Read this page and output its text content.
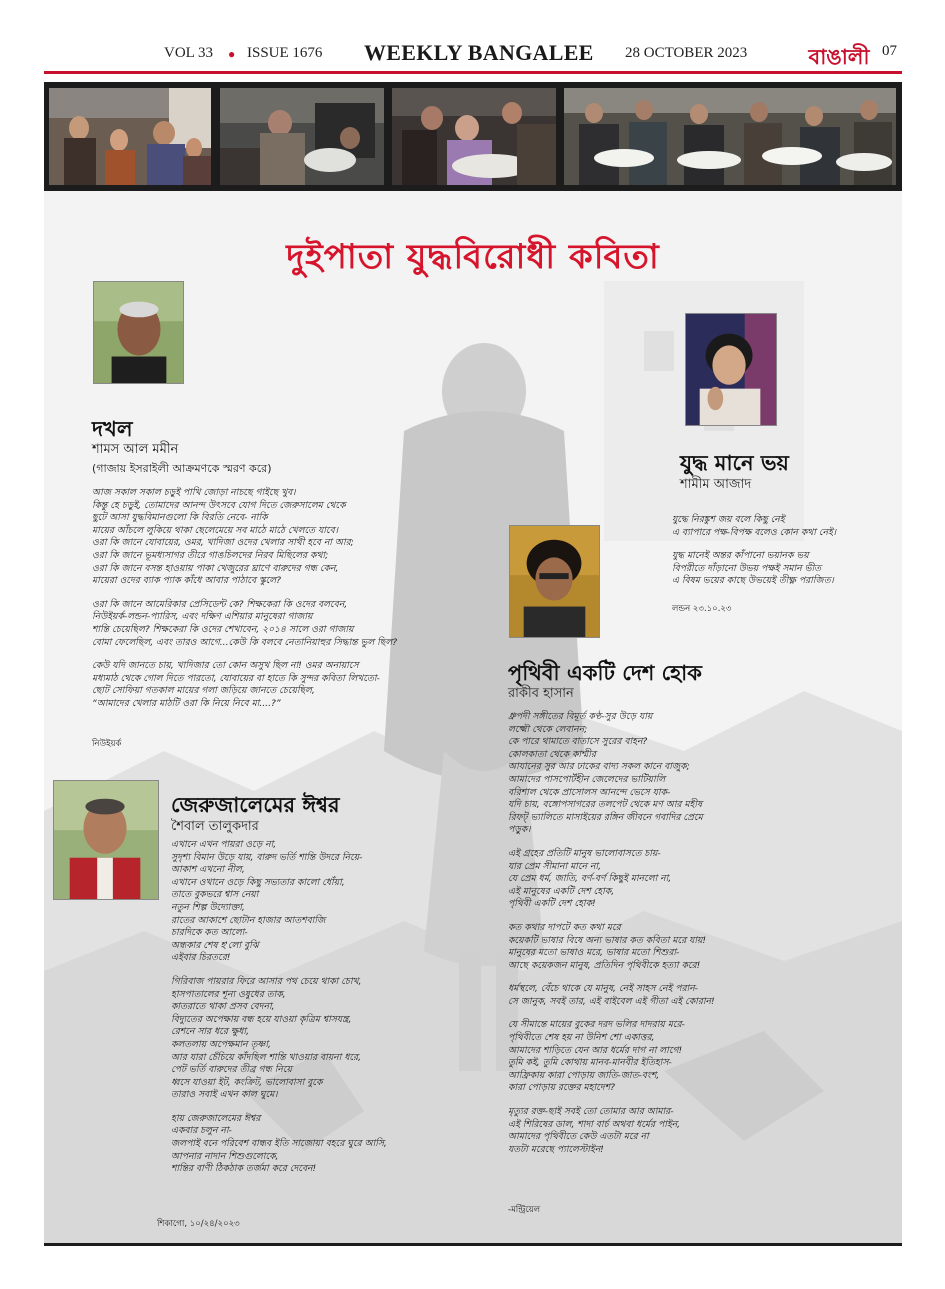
VOL 33 ● ISSUE 1676 WEEKLY BANGALEE 28 OCTOBER 2023	বাঙালী 07
দুইপাতা যুদ্ধবিরোধী কবিতা
দখল
শামস আল মমীন
(গাজায় ইসরাইলী আক্রমণকে স্মরণ করে)
আজ সকাল সকাল চড়ুই পাখি জোড়া নাচছে গাইছে খুব।
কিন্তু হে চড়ুই, তোমাদের আনন্দ উৎসবে যোগ দিতে জেরুসালেম থেকে
ছুটে আসা যুদ্ধবিমানগুলো কি বিরতি নেবে- নাকি
মায়ের আঁচলে লুকিয়ে থাকা ছেলেমেয়ে সব মাঠে মাঠে খেলতে যাবে।
ওরা কি জানে যোবায়ের, ওমর, খাদিজা ওদের খেলার সাথী হবে না আর;
ওরা কি জানে ভূমধ্যসাগর তীরে গাঙচিলদের নিরব মিছিলের কথা;
ওরা কি জানে বসন্ত হাওয়ায় পাকা খেজুরের ঘ্রাণে বারুদের গন্ধ কেন,
মায়েরা ওদের ব্যাক প্যাক কাঁধে আবার পাঠাবে স্কুলে?
ওরা কি জানে আমেরিকার প্রেসিডেন্ট কে? শিক্ষকেরা কি ওদের বলবেন,
নিউইয়র্ক-লন্ডন-প্যারিস, এবং দক্ষিণ এশিয়ার মানুষেরা গাজায়
শান্তি চেয়েছিল? শিক্ষকেরা কি ওদের শেখাবেন, ২০১৪ সালে ওরা গাজায়
বোমা ফেলেছিল, এবং তারও আগে...কেউ কি বলবে নেতানিয়াহুর সিদ্ধান্ত ভুল ছিল?
কেউ যদি জানতে চায়, খাদিজার তো কোন অসুখ ছিল না! ওমর অনায়াসে
মধ্যমাঠ থেকে গোল দিতে পারতো, যোবায়ের বা হাতে কি সুন্দর কবিতা লিখতো-
ছোট সোফিয়া গতকাল মায়ের গলা জড়িয়ে জানতে চেয়েছিল,
“আমাদের খেলার মাঠটি ওরা কি নিয়ে নিবে মা....?”
নিউইয়র্ক
যুদ্ধ মানে ভয়
শামীম আজাদ
যুদ্ধে নিরঙ্কুশ জয় বলে কিছু নেই
এ ব্যাপারে পক্ষ-বিপক্ষ বলেও কোন কথা নেই।
যুদ্ধ মানেই অন্তর কাঁপানো ভয়ানক ভয়
বিপরীতে দাঁড়ানো উভয় পক্ষই সমান ভীত
এ বিষম ভয়ের কাছে উভয়েই তীক্ষ্ণ পরাজিত।
লন্ডন ২৩.১০.২৩
পৃথিবী একটি দেশ হোক
রাকীব হাসান
ধ্রুপদী সঙ্গীতের বিমূর্ত কণ্ঠ-সুর উড়ে যায়
লক্ষ্মৌ থেকে লেবানন;
কে পারে থামাতে বাতাসে সুরের বাহন?
কোলকাতা থেকে কাশ্মীর
আযানের সুর আর ঢাকের বাদ্য সকল কানে বাজুক;
আমাদের পাসপোর্টহীন জেলেদের ভাটিয়ালি
বরিশাল থেকে প্রাসোলস আনন্দে ভেসে যাক-
যদি চায়, বঙ্গোপসাগরের তলপেট থেকে মণ আর মহীষ
রিফট্ ভ্যালিতে মাসাইয়ের রঙ্গিন জীবনে গবাদির প্রেমে
পড়ুক।
এই গ্রহের প্রতিটি মানুষ ভালোবাসতে চায়-
যার প্রেম সীমানা মানে না,
যে প্রেম ধর্ম, জাতি, বর্ণ-বর্ণ কিছুই মানলো না,
এই মানুষের একটি দেশ হোক,
পৃথিবী একটি দেশ হোক!
কত কথার দাপটে কত কথা মরে
কয়েকটি ভাষার বিষে অন্য ভাষার কত কবিতা মরে যায়!
মানুষের মতো ভাষাও মরে, ভাষার মতো শিশুরা-
আছে কয়েকজন মানুষ, প্রতিদিন পৃথিবীকে হত্যা করে!
ধর্মস্থলে, বেঁচে থাকে যে মানুষ, নেই সাহস নেই পরান-
সে জানুক, সবই তার, এই বাইবেল এই গীতা এই কোরান!
যে সীমান্তে মায়ের বুকের দরদ ভলির দাদরায় মরে-
পৃথিবীতে শেষ হয় না উনিশ শো একাত্তর,
আমাদের শাড়িতে যেন আর ধর্মের দাগ না লাগে!
তুমি কই, তুমি কোথায় মানব-মানবীর ইতিহাস-
আফ্রিকায় কারা পোড়ায় জাতি-জাত-বংশ,
কারা পোড়ায় রক্তের মহাদেশ?
মৃত্যুর রক্ত-ছাই সবই তো তোমার আর আমার-
এই শিরিষের ডাল, শাদা বার্চ অথবা ধর্মের পাইন,
আমাদের পৃথিবীতে কেউ এতটা মরে না
যতটা মরেছে প্যালেস্টাইন!
-মন্ট্রিয়েল
জেরুজালেমের ঈশ্বর
শৈবাল তালুকদার
এখানে এখন পায়রা ওড়ে না,
সুদৃশ্য বিমান উড়ে যায়, বারুদ ভর্তি শান্তি উদরে নিয়ে-
আকাশ এখনো নীল,
এখানে ওখানে ওড়ে কিছু সভ্যতার কালো ধোঁয়া,
তাতে বুকভরে শ্বাস নেয়া
নতুন শিল্প উদ্যোক্তা,
রাতের আকাশে ছোটান হাজার আতশবাজি
চারদিকে কত আলো-
অন্ধকার শেষ হ'লো বুঝি
এইবার চিরতরে!
গিরিবাজ পায়রার ফিরে আসার পথ চেয়ে থাকা চোখ,
হাসপাতালের শূন্য ওষুধের তাক,
কাতরাতে থাকা প্রসব বেদনা,
বিদ্যুতের অপেক্ষায় বন্ধ হয়ে যাওয়া কৃত্রিম শ্বাসযন্ত্র,
রেশনে সার ধরে ক্ষুধা,
কলতলায় অপেক্ষমান তৃষ্ণা,
আর যারা চেঁচিয়ে কাঁদছিল শান্তি খাওয়ার বায়না ধরে,
পেট ভর্তি বারুদের তীব্র গন্ধ নিয়ে
ধ্বসে যাওয়া ইট, কংক্রিট, ভালোবাসা বুকে
তারাও সবাই এখন কাল ঘুমে।
হায় জেরুজালেমের ঈশ্বর
একবার চলুন না-
জলপাই বনে পরিবেশ বান্ধব ইতি সাজোয়া বহরে ঘুরে আসি,
আপনার নাদান শিশুগুলোকে,
শান্তির বাণী ঠিকঠাক তর্জমা করে দেবেন!
শিকাগো, ১০/২৪/২০২৩
